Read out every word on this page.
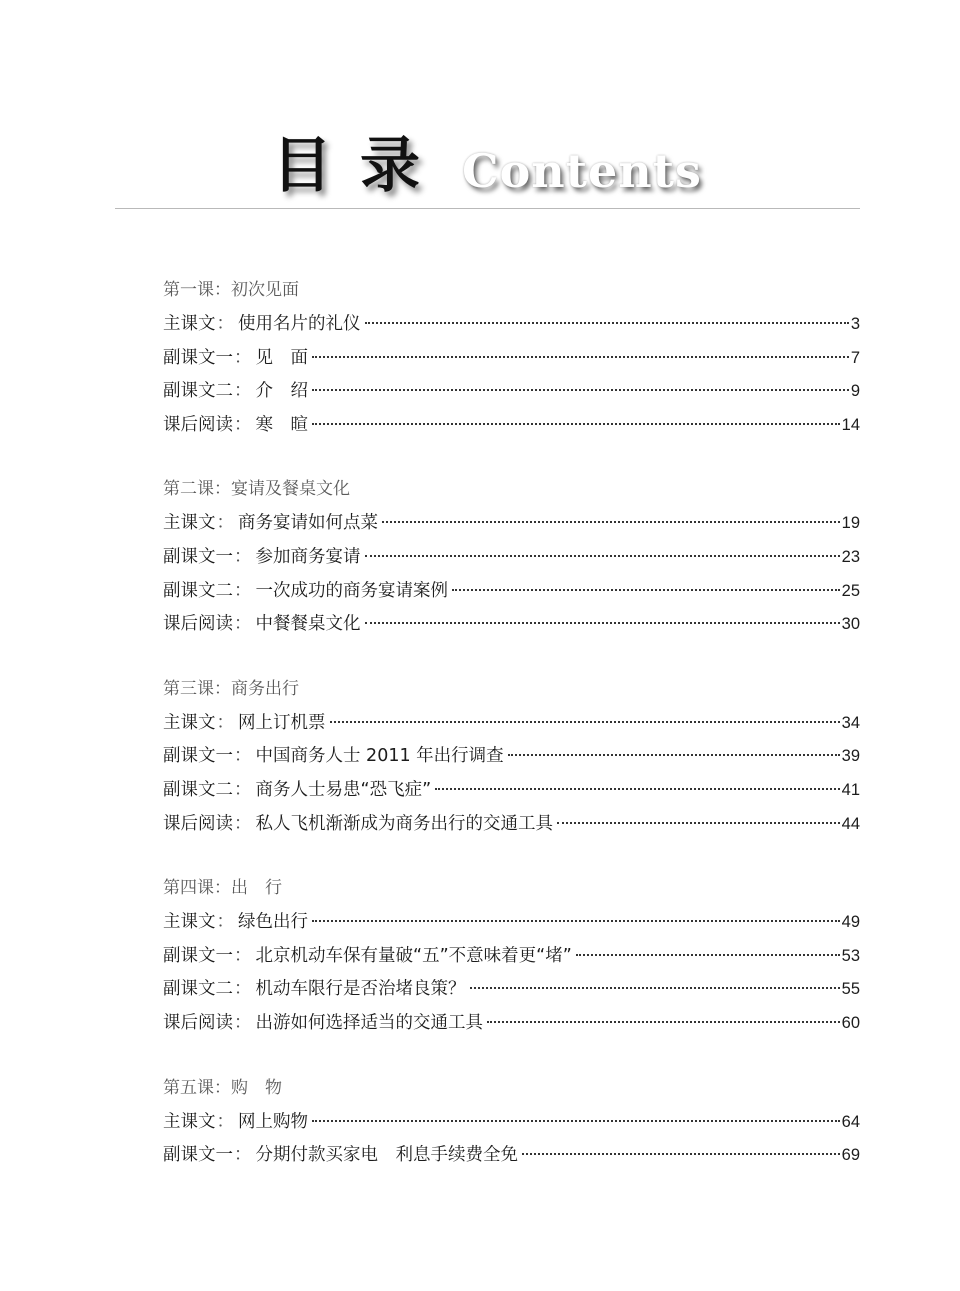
目 录 Contents
第一课：初次见面
主课文 ： 使用名片的礼仪	3
副课文一 ： 见　面	7
副课文二 ： 介　绍	9
课后阅读 ： 寒　暄	14
第二课：宴请及餐桌文化
主课文 ： 商务宴请如何点菜	19
副课文一 ： 参加商务宴请	23
副课文二 ： 一次成功的商务宴请案例	25
课后阅读 ： 中餐餐桌文化	30
第三课：商务出行
主课文 ： 网上订机票	34
副课文一 ： 中国商务人士 2011 年出行调查	39
副课文二 ： 商务人士易患“恐飞症”	41
课后阅读 ： 私人飞机渐渐成为商务出行的交通工具	44
第四课：出　行
主课文 ： 绿色出行	49
副课文一 ： 北京机动车保有量破“五”不意味着更“堵”	53
副课文二 ： 机动车限行是否治堵良策？	55
课后阅读 ： 出游如何选择适当的交通工具	60
第五课：购　物
主课文 ： 网上购物	64
副课文一 ： 分期付款买家电　利息手续费全免	69
